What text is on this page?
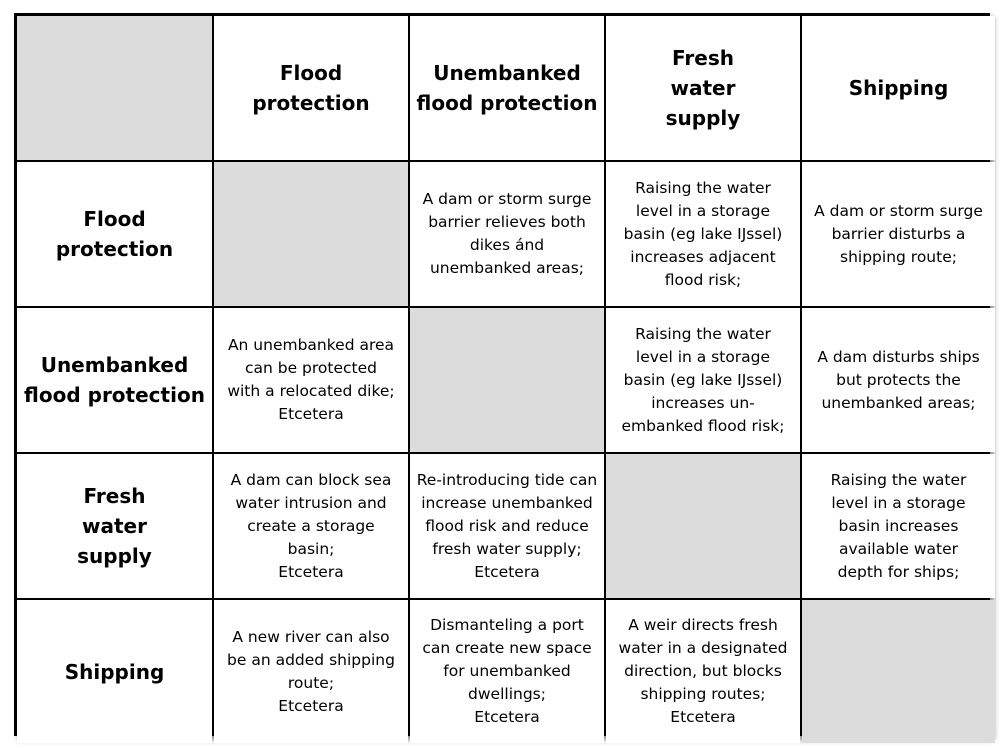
Flood
protection
Unembanked
flood protection
Fresh
water
supply
Shipping
Flood
protection
A dam or storm surge
barrier relieves both
dikes ánd
unembanked areas;
Raising the water
level in a storage
basin (eg lake IJssel)
increases adjacent
flood risk;
A dam or storm surge
barrier disturbs a
shipping route;
Unembanked
flood protection
An unembanked area
can be protected
with a relocated dike;
Etcetera
Raising the water
level in a storage
basin (eg lake IJssel)
increases un-
embanked flood risk;
A dam disturbs ships
but protects the
unembanked areas;
Fresh
water
supply
A dam can block sea
water intrusion and
create a storage
basin;
Etcetera
Re-introducing tide can
increase unembanked
flood risk and reduce
fresh water supply;
Etcetera
Raising the water
level in a storage
basin increases
available water
depth for ships;
Shipping
A new river can also
be an added shipping
route;
Etcetera
Dismanteling a port
can create new space
for unembanked
dwellings;
Etcetera
A weir directs fresh
water in a designated
direction, but blocks
shipping routes;
Etcetera
